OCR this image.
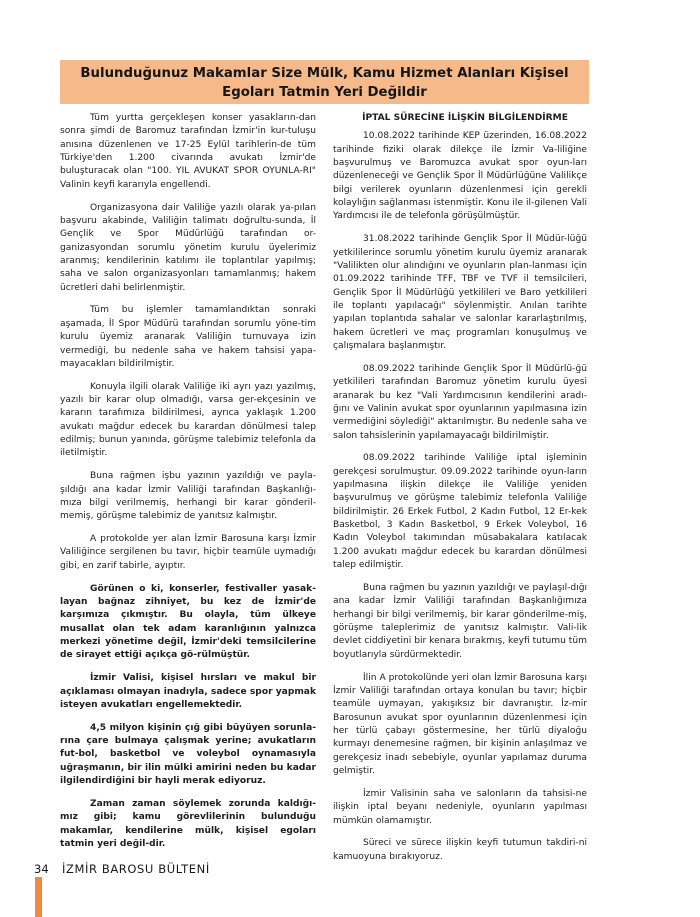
Bulunduğunuz Makamlar Size Mülk, Kamu Hizmet Alanları Kişisel
Egoları Tatmin Yeri Değildir

Tüm yurtta gerçekleşen konser yasakların-dan sonra şimdi de Baromuz tarafından İzmir'in kur-tuluşu anısına düzenlenen ve 17-25 Eylül tarihlerin-de tüm Türkiye'den 1.200 civarında avukatı İzmir'de buluşturacak olan "100. YIL AVUKAT SPOR OYUNLA-RI" Valinin keyfi kararıyla engellendi.

Organizasyona dair Valiliğe yazılı olarak ya-pılan başvuru akabinde, Valiliğin talimatı doğrultu-sunda, İl Gençlik ve Spor Müdürlüğü tarafından or-ganizasyondan sorumlu yönetim kurulu üyelerimiz aranmış; kendilerinin katılımı ile toplantılar yapılmış; saha ve salon organizasyonları tamamlanmış; hakem ücretleri dahi belirlenmiştir.

Tüm bu işlemler tamamlandıktan sonraki aşamada, İl Spor Müdürü tarafından sorumlu yöne-tim kurulu üyemiz aranarak Valiliğin turnuvaya izin vermediği, bu nedenle saha ve hakem tahsisi yapa-mayacakları bildirilmiştir.

Konuyla ilgili olarak Valiliğe iki ayrı yazı yazılmış, yazılı bir karar olup olmadığı, varsa ger-ekçesinin ve kararın tarafımıza bildirilmesi, ayrıca yaklaşık 1.200 avukatı mağdur edecek bu karardan dönülmesi talep edilmiş; bunun yanında, görüşme talebimiz telefonla da iletilmiştir.

Buna rağmen işbu yazının yazıldığı ve payla-şıldığı ana kadar İzmir Valiliği tarafından Başkanlığı-mıza bilgi verilmemiş, herhangi bir karar gönderil-memiş, görüşme talebimiz de yanıtsız kalmıştır.

A protokolde yer alan İzmir Barosuna karşı İzmir Valiliğince sergilenen bu tavır, hiçbir teamüle uymadığı gibi, en zarif tabirle, ayıptır.

Görünen o ki, konserler, festivaller yasak-layan bağnaz zihniyet, bu kez de İzmir'de karşımıza çıkmıştır. Bu olayla, tüm ülkeye musallat olan tek adam karanlığının yalnızca merkezi yönetime değil, İzmir'deki temsilcilerine de sirayet ettiği açıkça gö-rülmüştür.

İzmir Valisi, kişisel hırsları ve makul bir açıklaması olmayan inadıyla, sadece spor yapmak isteyen avukatları engellemektedir.

4,5 milyon kişinin çığ gibi büyüyen sorunla-rına çare bulmaya çalışmak yerine; avukatların fut-bol, basketbol ve voleybol oynamasıyla uğraşmanın, bir ilin mülki amirini neden bu kadar ilgilendirdiğini bir hayli merak ediyoruz.

Zaman zaman söylemek zorunda kaldığı-mız gibi; kamu görevlilerinin bulunduğu makamlar, kendilerine mülk, kişisel egoları tatmin yeri değil-dir.

İPTAL SÜRECİNE İLİŞKİN BİLGİLENDİRME

10.08.2022 tarihinde KEP üzerinden, 16.08.2022 tarihinde fiziki olarak dilekçe ile İzmir Va-liliğine başvurulmuş ve Baromuzca avukat spor oyun-ları düzenleneceği ve Gençlik Spor İl Müdürlüğüne Valilikçe bilgi verilerek oyunların düzenlenmesi için gerekli kolaylığın sağlanması istenmiştir. Konu ile il-gilenen Vali Yardımcısı ile de telefonla görüşülmüştür.

31.08.2022 tarihinde Gençlik Spor İl Müdür-lüğü yetkililerince sorumlu yönetim kurulu üyemiz aranarak "Valilikten olur alındığını ve oyunların plan-lanması için 01.09.2022 tarihinde TFF, TBF ve TVF il temsilcileri, Gençlik Spor İl Müdürlüğü yetkilileri ve Baro yetkilileri ile toplantı yapılacağı" söylenmiştir. Anılan tarihte yapılan toplantıda sahalar ve salonlar kararlaştırılmış, hakem ücretleri ve maç programları konuşulmuş ve çalışmalara başlanmıştır.

08.09.2022 tarihinde Gençlik Spor İl Müdürlü-ğü yetkilileri tarafından Baromuz yönetim kurulu üyesi aranarak bu kez "Vali Yardımcısının kendilerini aradı-ğını ve Valinin avukat spor oyunlarının yapılmasına izin vermediğini söylediği" aktarılmıştır. Bu nedenle saha ve salon tahsislerinin yapılamayacağı bildirilmiştir.

08.09.2022 tarihinde Valiliğe iptal işleminin gerekçesi sorulmuştur. 09.09.2022 tarihinde oyun-ların yapılmasına ilişkin dilekçe ile Valiliğe yeniden başvurulmuş ve görüşme talebimiz telefonla Valiliğe bildirilmiştir. 26 Erkek Futbol, 2 Kadın Futbol, 12 Er-kek Basketbol, 3 Kadın Basketbol, 9 Erkek Voleybol, 16 Kadın Voleybol takımından müsabakalara katılacak 1.200 avukatı mağdur edecek bu karardan dönülmesi talep edilmiştir.

Buna rağmen bu yazının yazıldığı ve paylaşıl-dığı ana kadar İzmir Valiliği tarafından Başkanlığımıza herhangi bir bilgi verilmemiş, bir karar gönderilme-miş, görüşme taleplerimiz de yanıtsız kalmıştır. Vali-lik devlet ciddiyetini bir kenara bırakmış, keyfi tutumu tüm boyutlarıyla sürdürmektedir.

İlin A protokolünde yeri olan İzmir Barosuna karşı İzmir Valiliği tarafından ortaya konulan bu tavır; hiçbir teamüle uymayan, yakışıksız bir davranıştır. İz-mir Barosunun avukat spor oyunlarının düzenlenmesi için her türlü çabayı göstermesine, her türlü diyaloğu kurmayı denemesine rağmen, bir kişinin anlaşılmaz ve gerekçesiz inadı sebebiyle, oyunlar yapılamaz duruma gelmiştir.

İzmir Valisinin saha ve salonların da tahsisi-ne ilişkin iptal beyanı nedeniyle, oyunların yapılması mümkün olamamıştır.

Süreci ve sürece ilişkin keyfi tutumun takdiri-ni kamuoyuna bırakıyoruz.

34 İZMİR BAROSU BÜLTENİ
